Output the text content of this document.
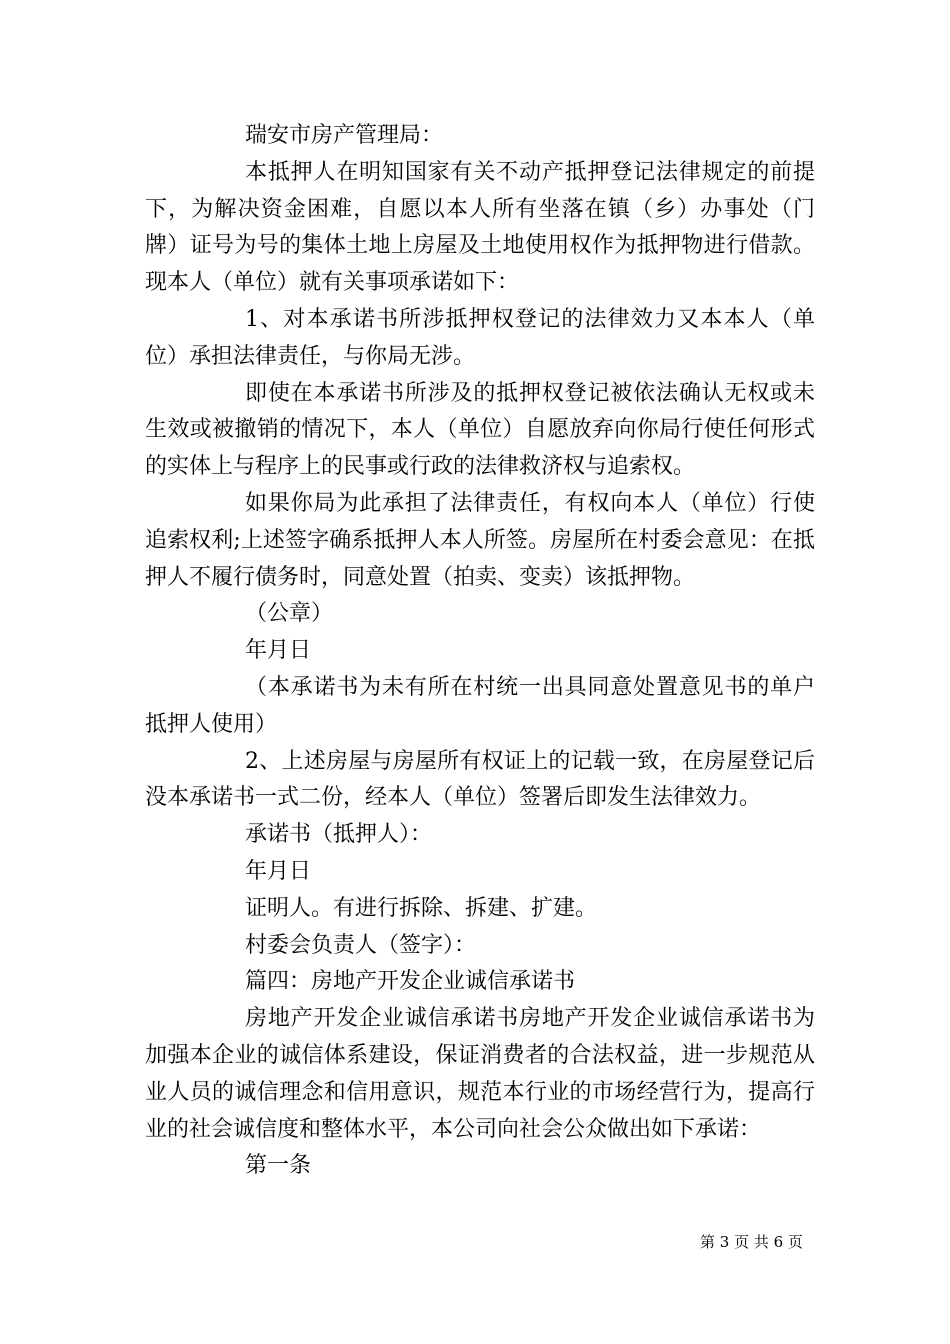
瑞安市房产管理局：

本抵押人在明知国家有关不动产抵押登记法律规定的前提下，为解决资金困难，自愿以本人所有坐落在镇（乡）办事处（门牌）证号为号的集体土地上房屋及土地使用权作为抵押物进行借款。现本人（单位）就有关事项承诺如下：

1、对本承诺书所涉抵押权登记的法律效力又本本人（单位）承担法律责任，与你局无涉。

即使在本承诺书所涉及的抵押权登记被依法确认无权或未生效或被撤销的情况下，本人（单位）自愿放弃向你局行使任何形式的实体上与程序上的民事或行政的法律救济权与追索权。

如果你局为此承担了法律责任，有权向本人（单位）行使追索权利;上述签字确系抵押人本人所签。房屋所在村委会意见：在抵押人不履行债务时，同意处置（拍卖、变卖）该抵押物。

（公章）

年月日

（本承诺书为未有所在村统一出具同意处置意见书的单户抵押人使用）

2、上述房屋与房屋所有权证上的记载一致，在房屋登记后没本承诺书一式二份，经本人（单位）签署后即发生法律效力。

承诺书（抵押人）：

年月日

证明人。有进行拆除、拆建、扩建。

村委会负责人（签字）：

篇四：房地产开发企业诚信承诺书

房地产开发企业诚信承诺书房地产开发企业诚信承诺书为加强本企业的诚信体系建设，保证消费者的合法权益，进一步规范从业人员的诚信理念和信用意识，规范本行业的市场经营行为，提高行业的社会诚信度和整体水平，本公司向社会公众做出如下承诺：

第一条

第 3 页 共 6 页
